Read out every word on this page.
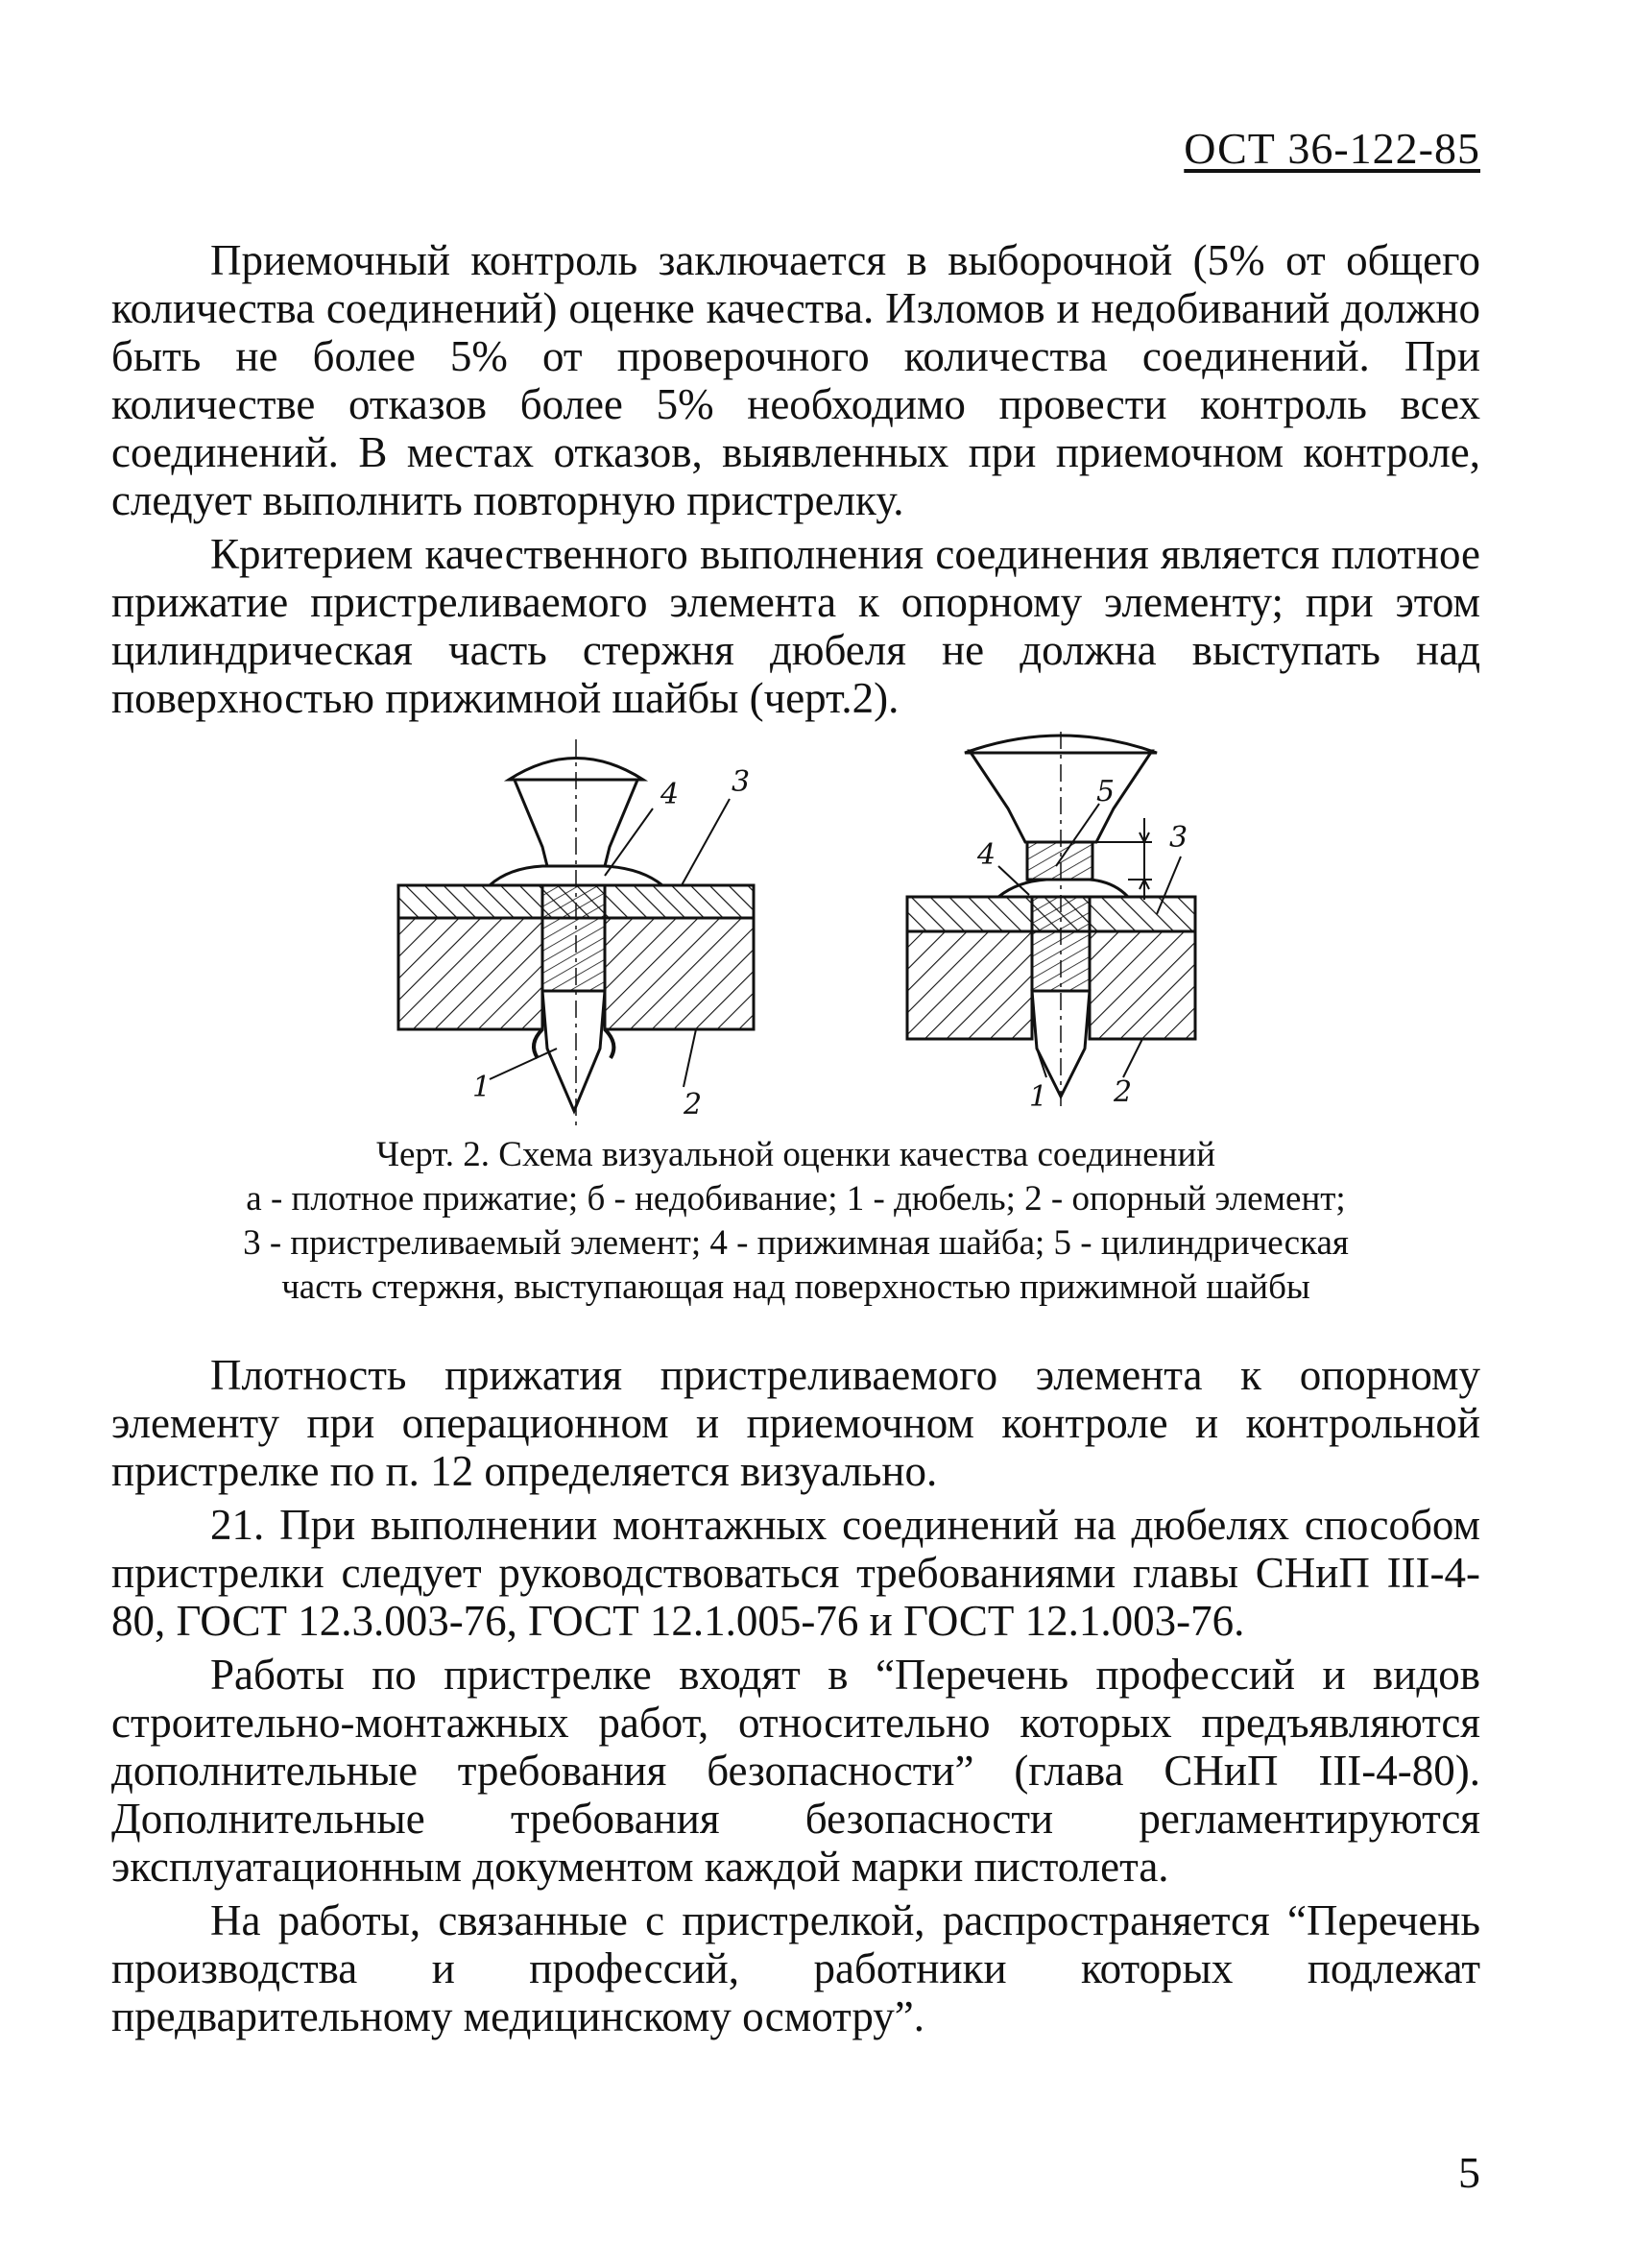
ОСТ 36-122-85

Приемочный контроль заключается в выборочной (5% от общего количества соединений) оценке качества. Изломов и недобиваний должно быть не более 5% от проверочного количества соединений. При количестве отказов более 5% необходимо провести контроль всех соединений. В местах отказов, выявленных при приемочном контроле, следует выполнить повторную пристрелку.

Критерием качественного выполнения соединения является плотное прижатие пристреливаемого элемента к опорному элементу; при этом цилиндрическая часть стержня дюбеля не должна выступать над поверхностью прижимной шайбы (черт.2).

4 3
1
2
5
4
3
1 2
Черт. 2. Схема визуальной оценки качества соединений
а - плотное прижатие; б - недобивание; 1 - дюбель; 2 - опорный элемент;
3 - пристреливаемый элемент; 4 - прижимная шайба; 5 - цилиндрическая
часть стержня, выступающая над поверхностью прижимной шайбы

Плотность прижатия пристреливаемого элемента к опорному элементу при операционном и приемочном контроле и контрольной пристрелке по п. 12 определяется визуально.

21. При выполнении монтажных соединений на дюбелях способом пристрелки следует руководствоваться требованиями главы СНиП III-4-80, ГОСТ 12.3.003-76, ГОСТ 12.1.005-76 и ГОСТ 12.1.003-76.

Работы по пристрелке входят в “Перечень профессий и видов строительно-монтажных работ, относительно которых предъявляются дополнительные требования безопасности” (глава СНиП III-4-80). Дополнительные требования безопасности регламентируются эксплуатационным документом каждой марки пистолета.

На работы, связанные с пристрелкой, распространяется “Перечень производства и профессий, работники которых подлежат предварительному медицинскому осмотру”.

5
